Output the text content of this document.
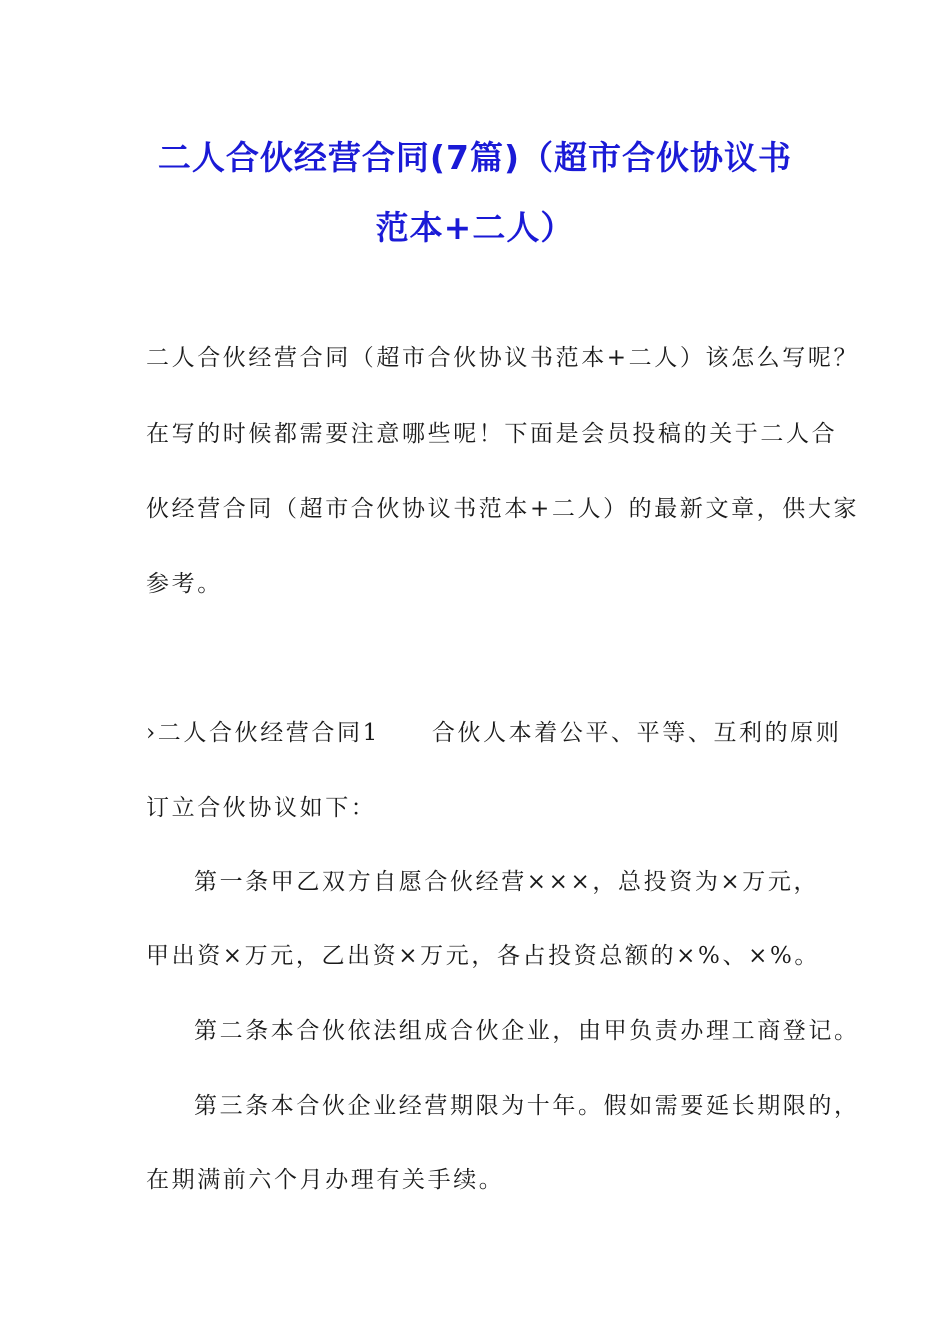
二人合伙经营合同(7篇)（超市合伙协议书
范本+二人）
二人合伙经营合同（超市合伙协议书范本+二人）该怎么写呢？
在写的时候都需要注意哪些呢！下面是会员投稿的关于二人合
伙经营合同（超市合伙协议书范本+二人）的最新文章，供大家
参考。
›二人合伙经营合同1 合伙人本着公平、平等、互利的原则
订立合伙协议如下：
第一条甲乙双方自愿合伙经营×××，总投资为×万元，
甲出资×万元，乙出资×万元，各占投资总额的×%、×%。
第二条本合伙依法组成合伙企业，由甲负责办理工商登记。
第三条本合伙企业经营期限为十年。假如需要延长期限的，
在期满前六个月办理有关手续。
